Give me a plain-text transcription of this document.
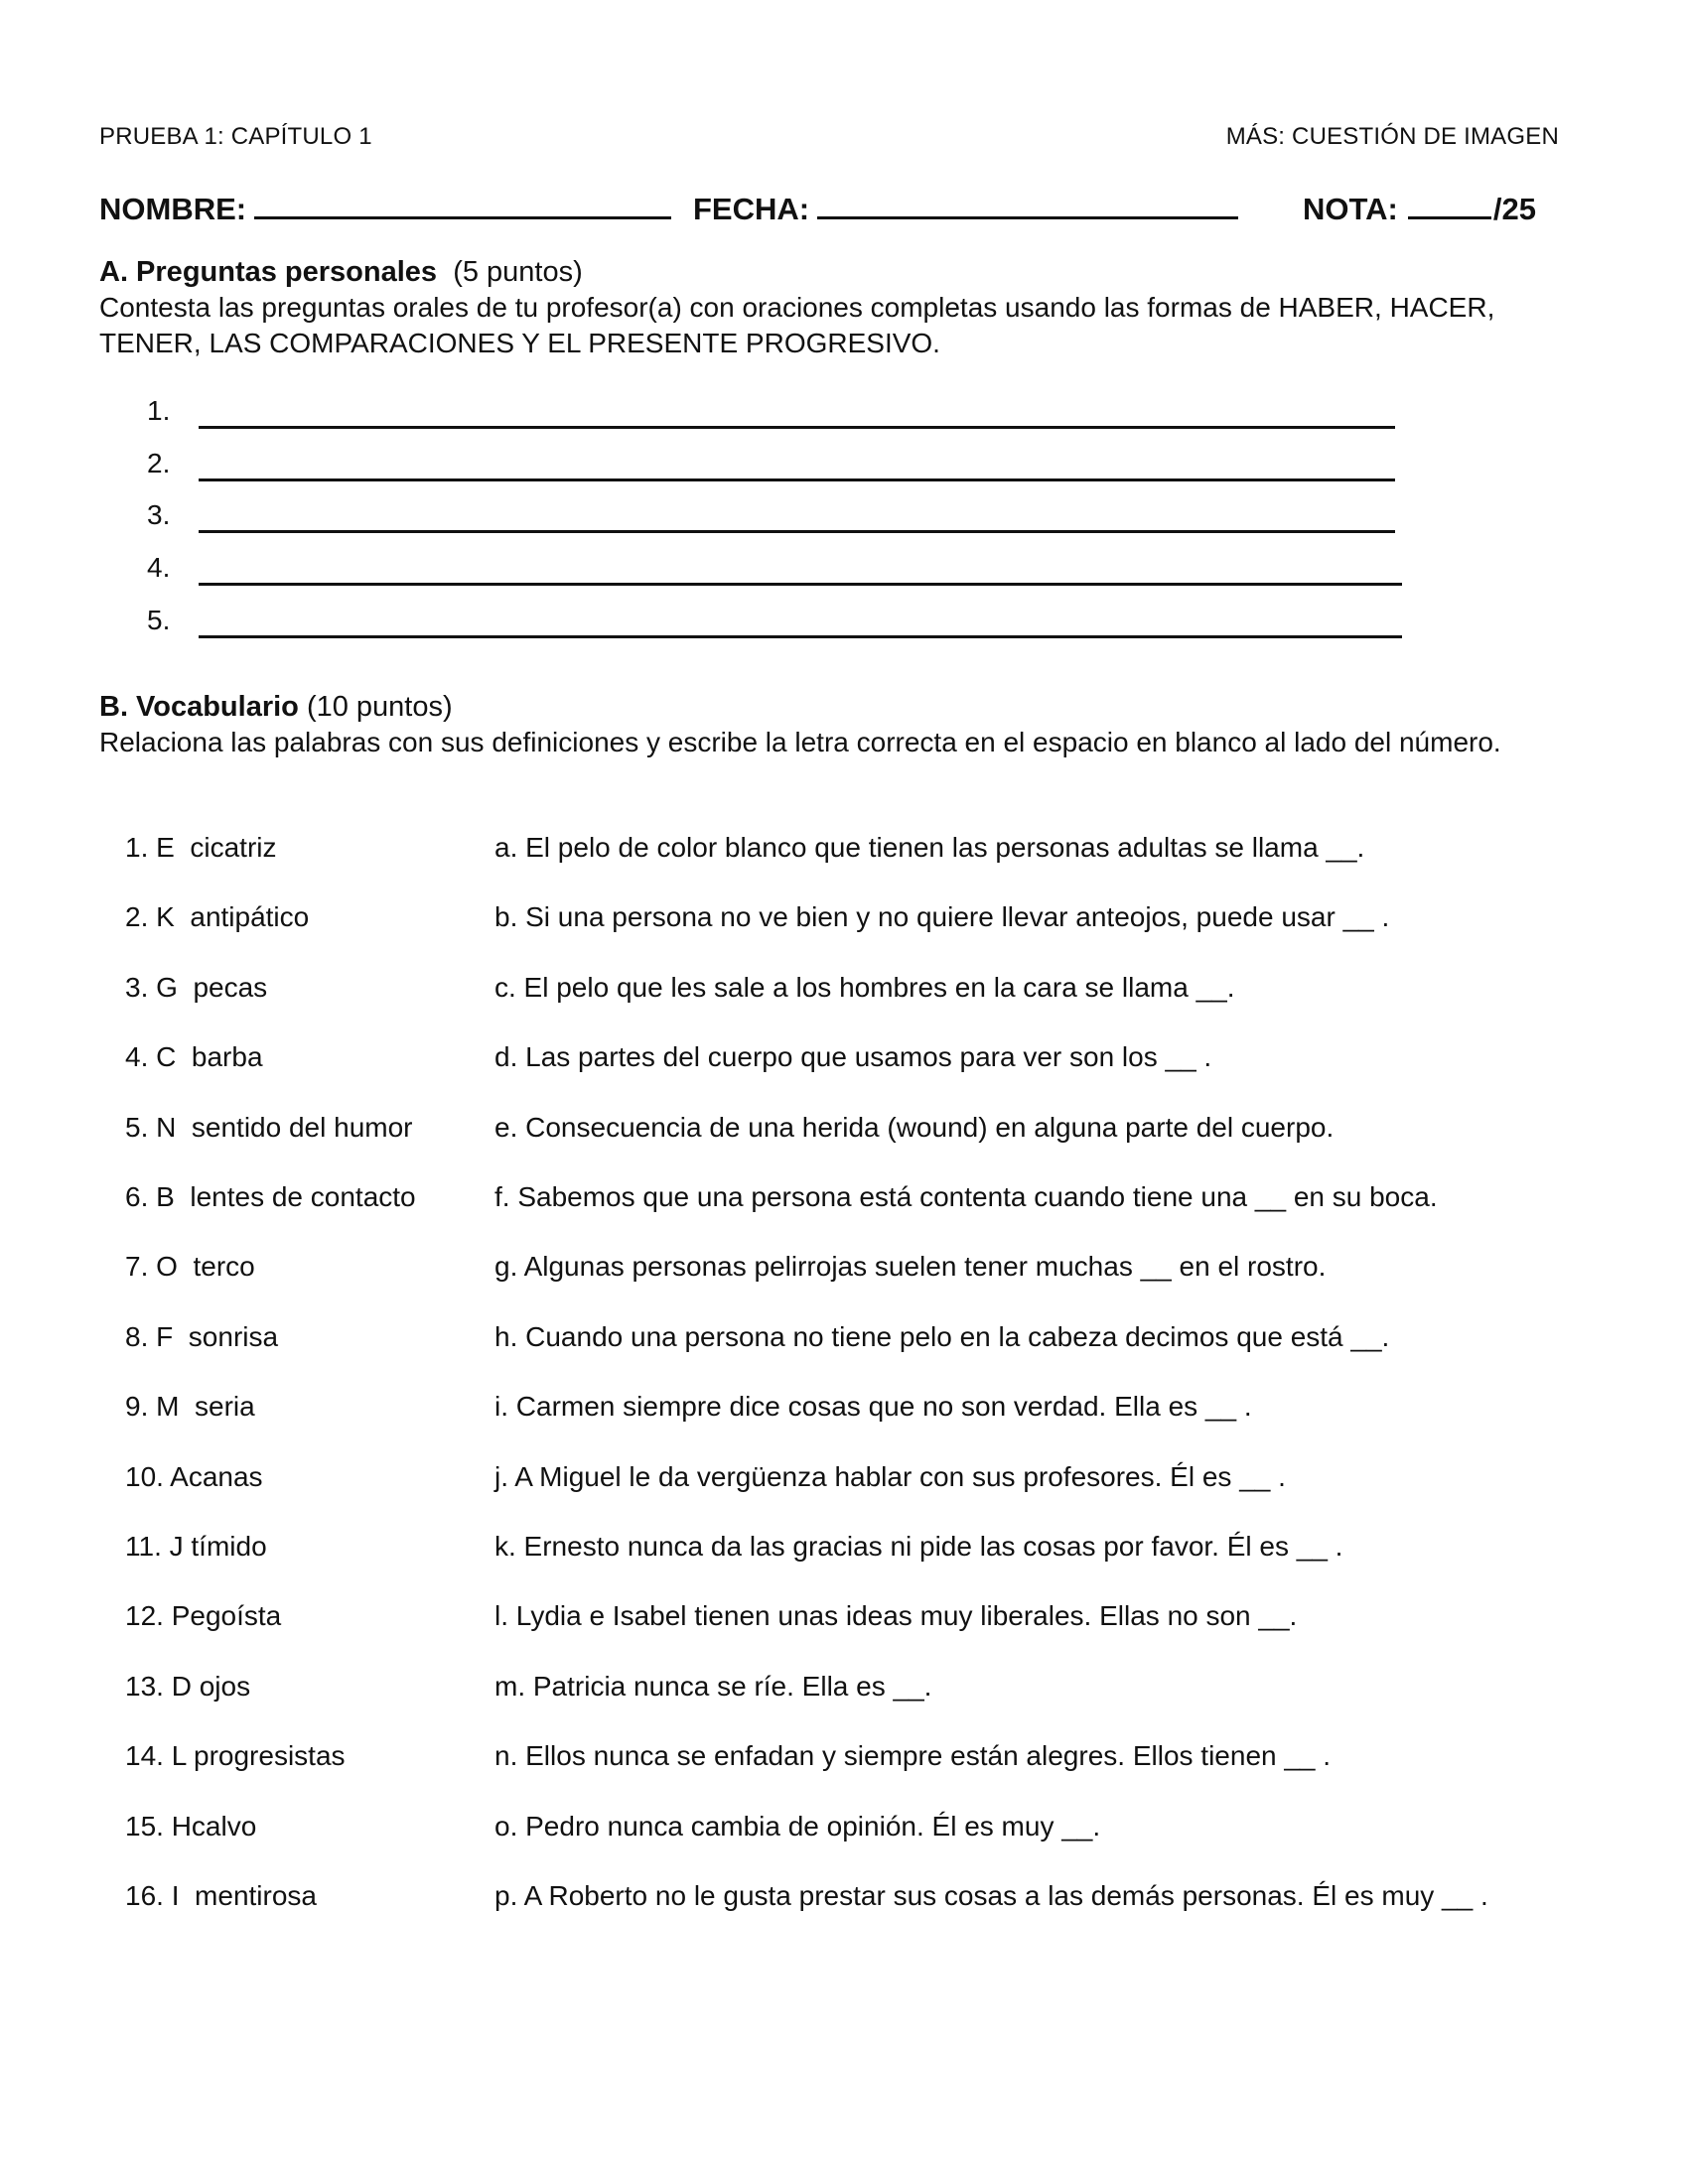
PRUEBA 1: CAPÍTULO 1	MÁS: CUESTIÓN DE IMAGEN
NOMBRE:	FECHA:	NOTA:	/25
A. Preguntas personales (5 puntos)
Contesta las preguntas orales de tu profesor(a) con oraciones completas usando las formas de HABER, HACER, TENER, LAS COMPARACIONES Y EL PRESENTE PROGRESIVO.
1.
2.
3.
4.
5.
B. Vocabulario (10 puntos)
Relaciona las palabras con sus definiciones y escribe la letra correcta en el espacio en blanco al lado del número.
1. E  cicatriz	a. El pelo de color blanco que tienen las personas adultas se llama __.
2. K  antipático	b. Si una persona no ve bien y no quiere llevar anteojos, puede usar __ .
3. G  pecas	c. El pelo que les sale a los hombres en la cara se llama __.
4. C  barba	d. Las partes del cuerpo que usamos para ver son los __ .
5. N  sentido del humor	e. Consecuencia de una herida (wound) en alguna parte del cuerpo.
6. B  lentes de contacto	f. Sabemos que una persona está contenta cuando tiene una __ en su boca.
7. O  terco	g. Algunas personas pelirrojas suelen tener muchas __ en el rostro.
8. F  sonrisa	h. Cuando una persona no tiene pelo en la cabeza decimos que está __.
9. M  seria	i. Carmen siempre dice cosas que no son verdad. Ella es __ .
10. Acanas	j. A Miguel le da vergüenza hablar con sus profesores. Él es __ .
11. J tímido	k. Ernesto nunca da las gracias ni pide las cosas por favor. Él es __ .
12. Pegoísta	l. Lydia e Isabel tienen unas ideas muy liberales. Ellas no son __.
13. D ojos	m. Patricia nunca se ríe. Ella es __.
14. L progresistas	n. Ellos nunca se enfadan y siempre están alegres. Ellos tienen __ .
15. Hcalvo	o. Pedro nunca cambia de opinión. Él es muy __.
16. I  mentirosa	p. A Roberto no le gusta prestar sus cosas a las demás personas. Él es muy __ .
